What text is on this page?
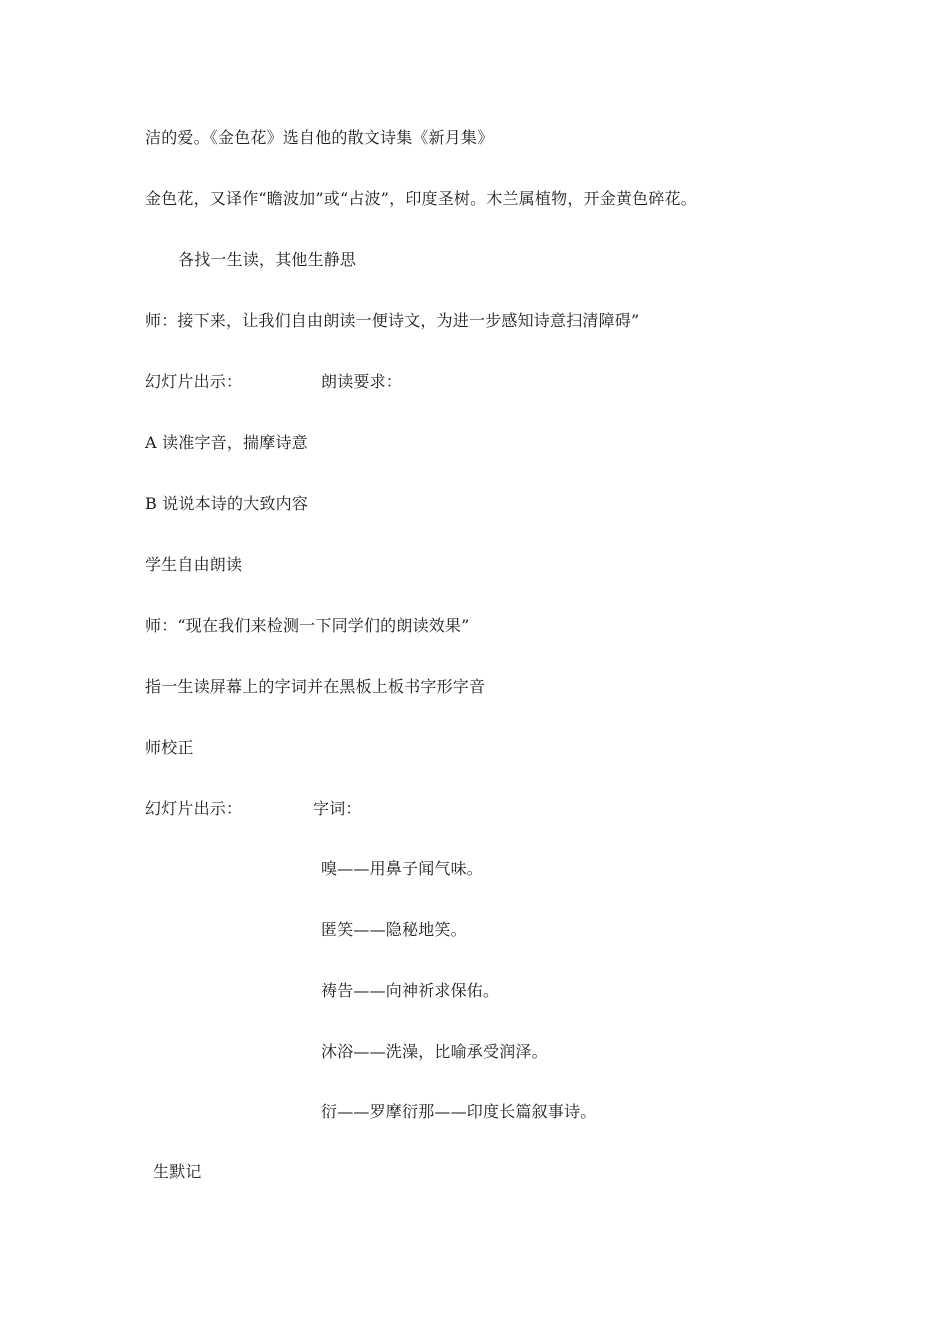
洁的爱。《金色花》选自他的散文诗集《新月集》
金色花，又译作“瞻波加”或“占波”，印度圣树。木兰属植物，开金黄色碎花。
各找一生读，其他生静思
师：接下来，让我们自由朗读一便诗文，为进一步感知诗意扫清障碍”
幻灯片出示：	朗读要求：
A 读准字音，揣摩诗意
B 说说本诗的大致内容
学生自由朗读
师：“现在我们来检测一下同学们的朗读效果”
指一生读屏幕上的字词并在黑板上板书字形字音
师校正
幻灯片出示：	字词：
嗅——用鼻子闻气味。
匿笑——隐秘地笑。
祷告——向神祈求保佑。
沐浴——洗澡，比喻承受润泽。
衍——罗摩衍那——印度长篇叙事诗。
生默记
